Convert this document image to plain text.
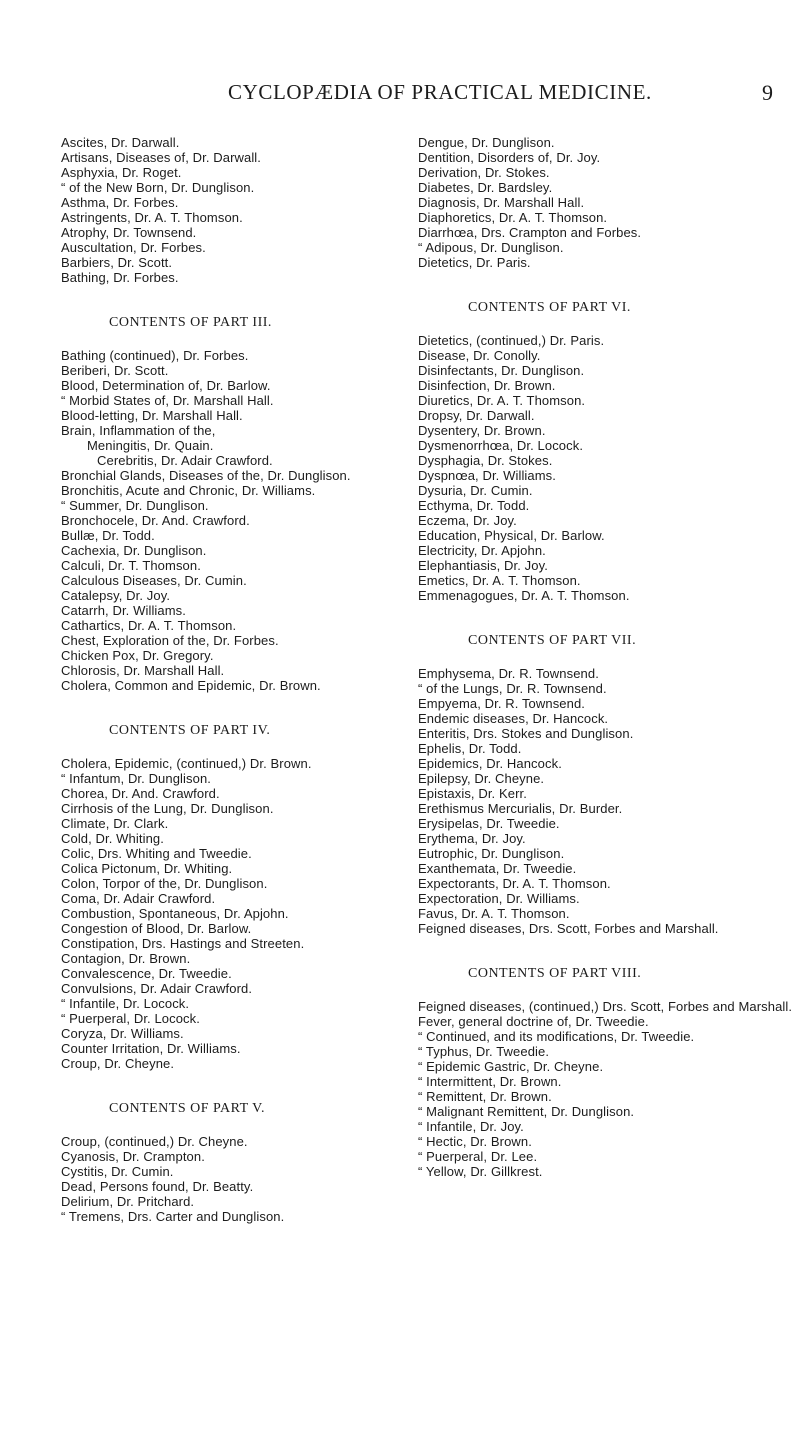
CYCLOPÆDIA OF PRACTICAL MEDICINE.	9
Ascites, Dr. Darwall.
Artisans, Diseases of, Dr. Darwall.
Asphyxia, Dr. Roget.
“ of the New Born, Dr. Dunglison.
Asthma, Dr. Forbes.
Astringents, Dr. A. T. Thomson.
Atrophy, Dr. Townsend.
Auscultation, Dr. Forbes.
Barbiers, Dr. Scott.
Bathing, Dr. Forbes.
CONTENTS OF PART III.
Bathing (continued), Dr. Forbes.
Beriberi, Dr. Scott.
Blood, Determination of, Dr. Barlow.
“ Morbid States of, Dr. Marshall Hall.
Blood-letting, Dr. Marshall Hall.
Brain, Inflammation of the,
Meningitis, Dr. Quain.
Cerebritis, Dr. Adair Crawford.
Bronchial Glands, Diseases of the, Dr. Dunglison.
Bronchitis, Acute and Chronic, Dr. Williams.
“ Summer, Dr. Dunglison.
Bronchocele, Dr. And. Crawford.
Bullæ, Dr. Todd.
Cachexia, Dr. Dunglison.
Calculi, Dr. T. Thomson.
Calculous Diseases, Dr. Cumin.
Catalepsy, Dr. Joy.
Catarrh, Dr. Williams.
Cathartics, Dr. A. T. Thomson.
Chest, Exploration of the, Dr. Forbes.
Chicken Pox, Dr. Gregory.
Chlorosis, Dr. Marshall Hall.
Cholera, Common and Epidemic, Dr. Brown.
CONTENTS OF PART IV.
Cholera, Epidemic, (continued,) Dr. Brown.
“ Infantum, Dr. Dunglison.
Chorea, Dr. And. Crawford.
Cirrhosis of the Lung, Dr. Dunglison.
Climate, Dr. Clark.
Cold, Dr. Whiting.
Colic, Drs. Whiting and Tweedie.
Colica Pictonum, Dr. Whiting.
Colon, Torpor of the, Dr. Dunglison.
Coma, Dr. Adair Crawford.
Combustion, Spontaneous, Dr. Apjohn.
Congestion of Blood, Dr. Barlow.
Constipation, Drs. Hastings and Streeten.
Contagion, Dr. Brown.
Convalescence, Dr. Tweedie.
Convulsions, Dr. Adair Crawford.
“ Infantile, Dr. Locock.
“ Puerperal, Dr. Locock.
Coryza, Dr. Williams.
Counter Irritation, Dr. Williams.
Croup, Dr. Cheyne.
CONTENTS OF PART V.
Croup, (continued,) Dr. Cheyne.
Cyanosis, Dr. Crampton.
Cystitis, Dr. Cumin.
Dead, Persons found, Dr. Beatty.
Delirium, Dr. Pritchard.
“ Tremens, Drs. Carter and Dunglison.
Dengue, Dr. Dunglison.
Dentition, Disorders of, Dr. Joy.
Derivation, Dr. Stokes.
Diabetes, Dr. Bardsley.
Diagnosis, Dr. Marshall Hall.
Diaphoretics, Dr. A. T. Thomson.
Diarrhœa, Drs. Crampton and Forbes.
“ Adipous, Dr. Dunglison.
Dietetics, Dr. Paris.
CONTENTS OF PART VI.
Dietetics, (continued,) Dr. Paris.
Disease, Dr. Conolly.
Disinfectants, Dr. Dunglison.
Disinfection, Dr. Brown.
Diuretics, Dr. A. T. Thomson.
Dropsy, Dr. Darwall.
Dysentery, Dr. Brown.
Dysmenorrhœa, Dr. Locock.
Dysphagia, Dr. Stokes.
Dyspnœa, Dr. Williams.
Dysuria, Dr. Cumin.
Ecthyma, Dr. Todd.
Eczema, Dr. Joy.
Education, Physical, Dr. Barlow.
Electricity, Dr. Apjohn.
Elephantiasis, Dr. Joy.
Emetics, Dr. A. T. Thomson.
Emmenagogues, Dr. A. T. Thomson.
CONTENTS OF PART VII.
Emphysema, Dr. R. Townsend.
“ of the Lungs, Dr. R. Townsend.
Empyema, Dr. R. Townsend.
Endemic diseases, Dr. Hancock.
Enteritis, Drs. Stokes and Dunglison.
Ephelis, Dr. Todd.
Epidemics, Dr. Hancock.
Epilepsy, Dr. Cheyne.
Epistaxis, Dr. Kerr.
Erethismus Mercurialis, Dr. Burder.
Erysipelas, Dr. Tweedie.
Erythema, Dr. Joy.
Eutrophic, Dr. Dunglison.
Exanthemata, Dr. Tweedie.
Expectorants, Dr. A. T. Thomson.
Expectoration, Dr. Williams.
Favus, Dr. A. T. Thomson.
Feigned diseases, Drs. Scott, Forbes and Marshall.
CONTENTS OF PART VIII.
Feigned diseases, (continued,) Drs. Scott, Forbes and Marshall.
Fever, general doctrine of, Dr. Tweedie.
“ Continued, and its modifications, Dr. Tweedie.
“ Typhus, Dr. Tweedie.
“ Epidemic Gastric, Dr. Cheyne.
“ Intermittent, Dr. Brown.
“ Remittent, Dr. Brown.
“ Malignant Remittent, Dr. Dunglison.
“ Infantile, Dr. Joy.
“ Hectic, Dr. Brown.
“ Puerperal, Dr. Lee.
“ Yellow, Dr. Gillkrest.
